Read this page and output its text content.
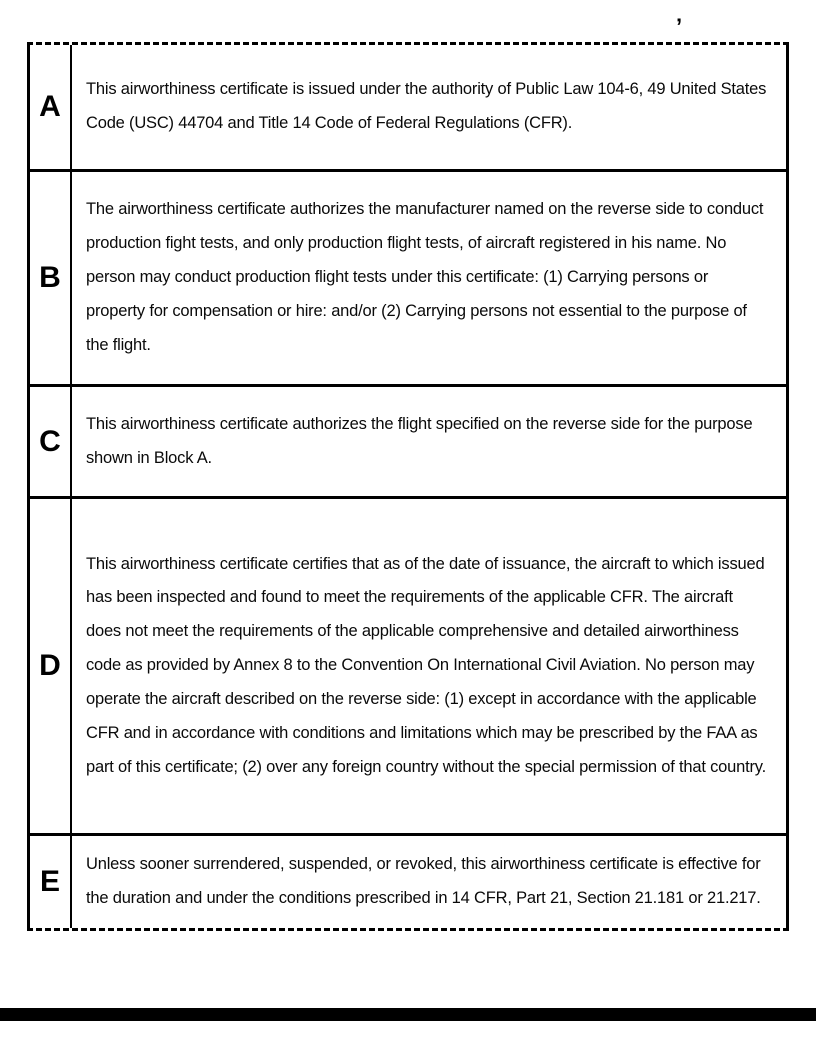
’
A
This airworthiness certificate is issued under the authority of Public Law 104-6, 49 United States Code (USC) 44704 and Title 14 Code of Federal Regulations (CFR).
B
The airworthiness certificate authorizes the manufacturer named on the reverse side to conduct production fight tests, and only production flight tests, of aircraft registered in his name. No person may conduct production flight tests under this certificate: (1) Carrying persons or property for compensation or hire: and/or (2) Carrying persons not essential to the purpose of the flight.
C
This airworthiness certificate authorizes the flight specified on the reverse side for the purpose shown in Block A.
D
This airworthiness certificate certifies that as of the date of issuance, the aircraft to which issued has been inspected and found to meet the requirements of the applicable CFR. The aircraft does not meet the requirements of the applicable comprehensive and detailed airworthiness code as provided by Annex 8 to the Convention On International Civil Aviation. No person may operate the aircraft described on the reverse side: (1) except in accordance with the applicable CFR and in accordance with conditions and limitations which may be prescribed by the FAA as part of this certificate; (2) over any foreign country without the special permission of that country.
E
Unless sooner surrendered, suspended, or revoked, this airworthiness certificate is effective for the duration and under the conditions prescribed in 14 CFR, Part 21, Section 21.181 or 21.217.
